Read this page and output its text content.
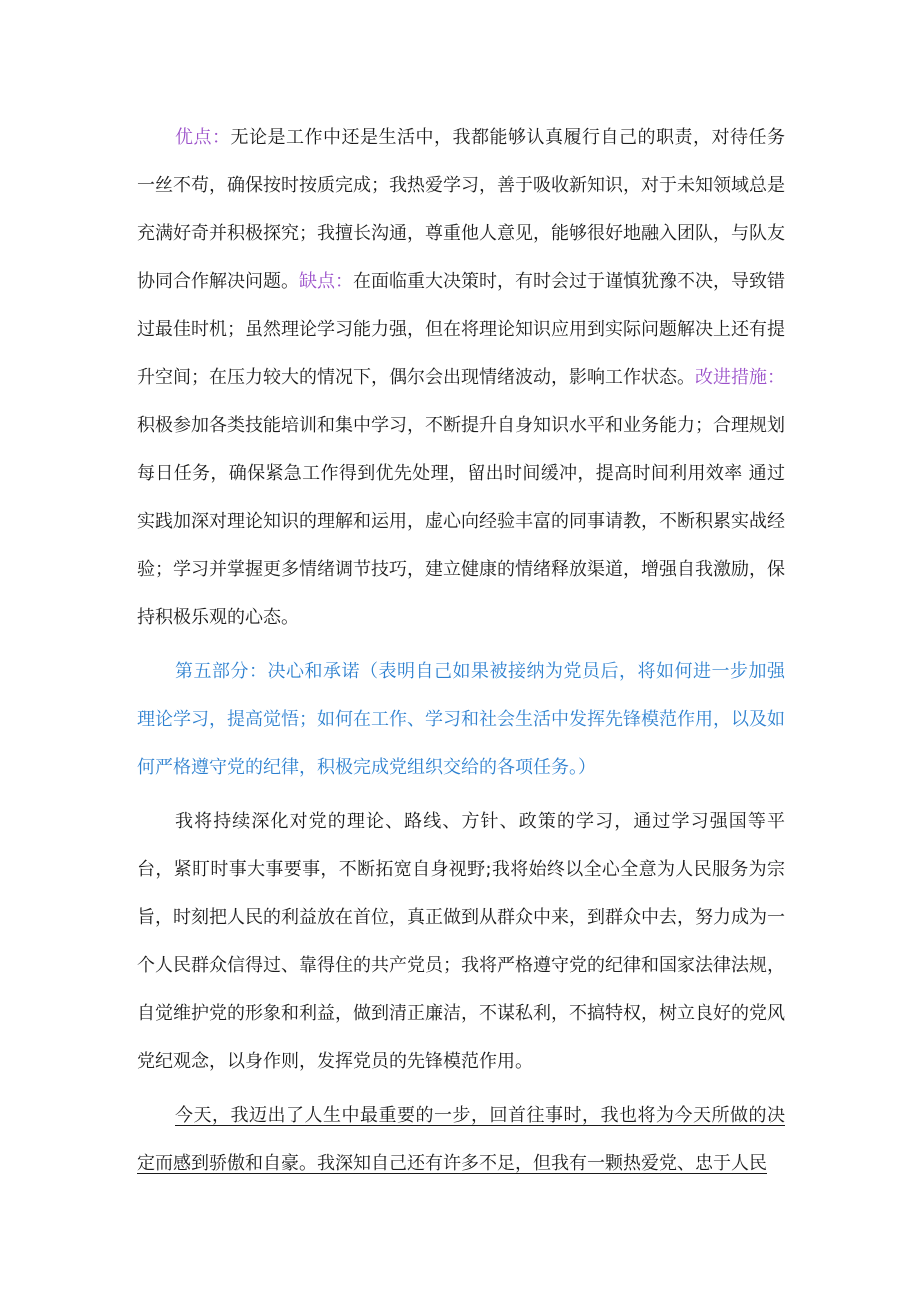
优点：无论是工作中还是生活中，我都能够认真履行自己的职责，对待任务一丝不苟，确保按时按质完成；我热爱学习，善于吸收新知识，对于未知领域总是充满好奇并积极探究；我擅长沟通，尊重他人意见，能够很好地融入团队，与队友协同合作解决问题。缺点：在面临重大决策时，有时会过于谨慎犹豫不决，导致错过最佳时机；虽然理论学习能力强，但在将理论知识应用到实际问题解决上还有提升空间；在压力较大的情况下，偶尔会出现情绪波动，影响工作状态。改进措施：积极参加各类技能培训和集中学习，不断提升自身知识水平和业务能力；合理规划每日任务，确保紧急工作得到优先处理，留出时间缓冲，提高时间利用效率 通过实践加深对理论知识的理解和运用，虚心向经验丰富的同事请教，不断积累实战经验；学习并掌握更多情绪调节技巧，建立健康的情绪释放渠道，增强自我激励，保持积极乐观的心态。

第五部分：决心和承诺（表明自己如果被接纳为党员后，将如何进一步加强理论学习，提高觉悟；如何在工作、学习和社会生活中发挥先锋模范作用，以及如何严格遵守党的纪律，积极完成党组织交给的各项任务。）

我将持续深化对党的理论、路线、方针、政策的学习，通过学习强国等平台，紧盯时事大事要事，不断拓宽自身视野;我将始终以全心全意为人民服务为宗旨，时刻把人民的利益放在首位，真正做到从群众中来，到群众中去，努力成为一个人民群众信得过、靠得住的共产党员；我将严格遵守党的纪律和国家法律法规，自觉维护党的形象和利益，做到清正廉洁，不谋私利，不搞特权，树立良好的党风党纪观念，以身作则，发挥党员的先锋模范作用。

今天，我迈出了人生中最重要的一步，回首往事时，我也将为今天所做的决定而感到骄傲和自豪。我深知自己还有许多不足，但我有一颗热爱党、忠于人民
